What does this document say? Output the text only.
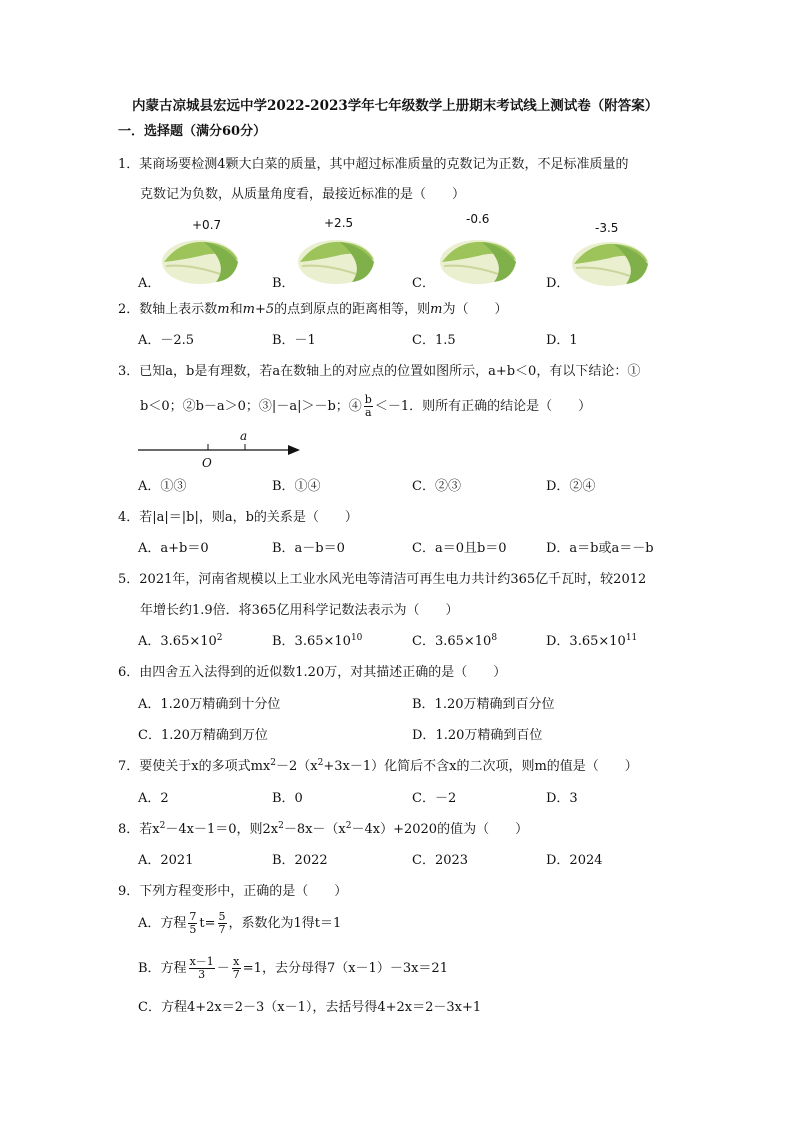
内蒙古凉城县宏远中学2022-2023学年七年级数学上册期末考试线上测试卷（附答案）
一．选择题（满分60分）
1．某商场要检测4颗大白菜的质量，其中超过标准质量的克数记为正数，不足标准质量的
克数记为负数，从质量角度看，最接近标准的是（　　）
+0.7	+2.5	-0.6
-3.5
A．	B．	C．	D．
2．数轴上表示数m和m+5的点到原点的距离相等，则m为（　　）
A．－2.5	B．－1	C．1.5	D．1
3．已知a，b是有理数，若a在数轴上的对应点的位置如图所示，a+b＜0，有以下结论：①
b＜0；②b－a＞0；③|－a|＞－b；④ $\frac{b}{a} <-1$．则所有正确的结论是（　　）
a
O
A．①③	B．①④	C．②③	D．②④
4．若|a|＝|b|，则a，b的关系是（　　）
A．a+b＝0	B．a－b＝0	C．a＝0且b＝0	D．a＝b或a＝－b
5．2021年，河南省规模以上工业水风光电等清洁可再生电力共计约365亿千瓦时，较2012
年增长约1.9倍．将365亿用科学记数法表示为（　　）
A．$3.65\times 10^2$	B．$3.65\times 10^{10}$	C．$3.65\times 10^8$	D．$3.65\times 10^{11}$
6．由四舍五入法得到的近似数1.20万，对其描述正确的是（　　）
A．1.20万精确到十分位	B．1.20万精确到百分位
C．1.20万精确到万位	D．1.20万精确到百位
7．要使关于x的多项式$mx^2-2(x^2+3x-1)$化简后不含x的二次项，则m的值是（　　）
A．2	B．0	C．－2	D．3
8．若$x^2-4x-1=0$，则$2x^2-8x-(x^2-4x)+2020$的值为（　　）
A．2021	B．2022	C．2023	D．2024
9．下列方程变形中，正确的是（　　）
A．方程 $\frac{7}{5} t= \frac{5}{7}$ ，系数化为1得t＝1
B．方程 $\frac{x-1}{3} - \frac{x}{7} =1$，去分母得7（x－1）－3x＝21
C．方程4+2x＝2－3（x－1），去括号得4+2x＝2－3x+1
